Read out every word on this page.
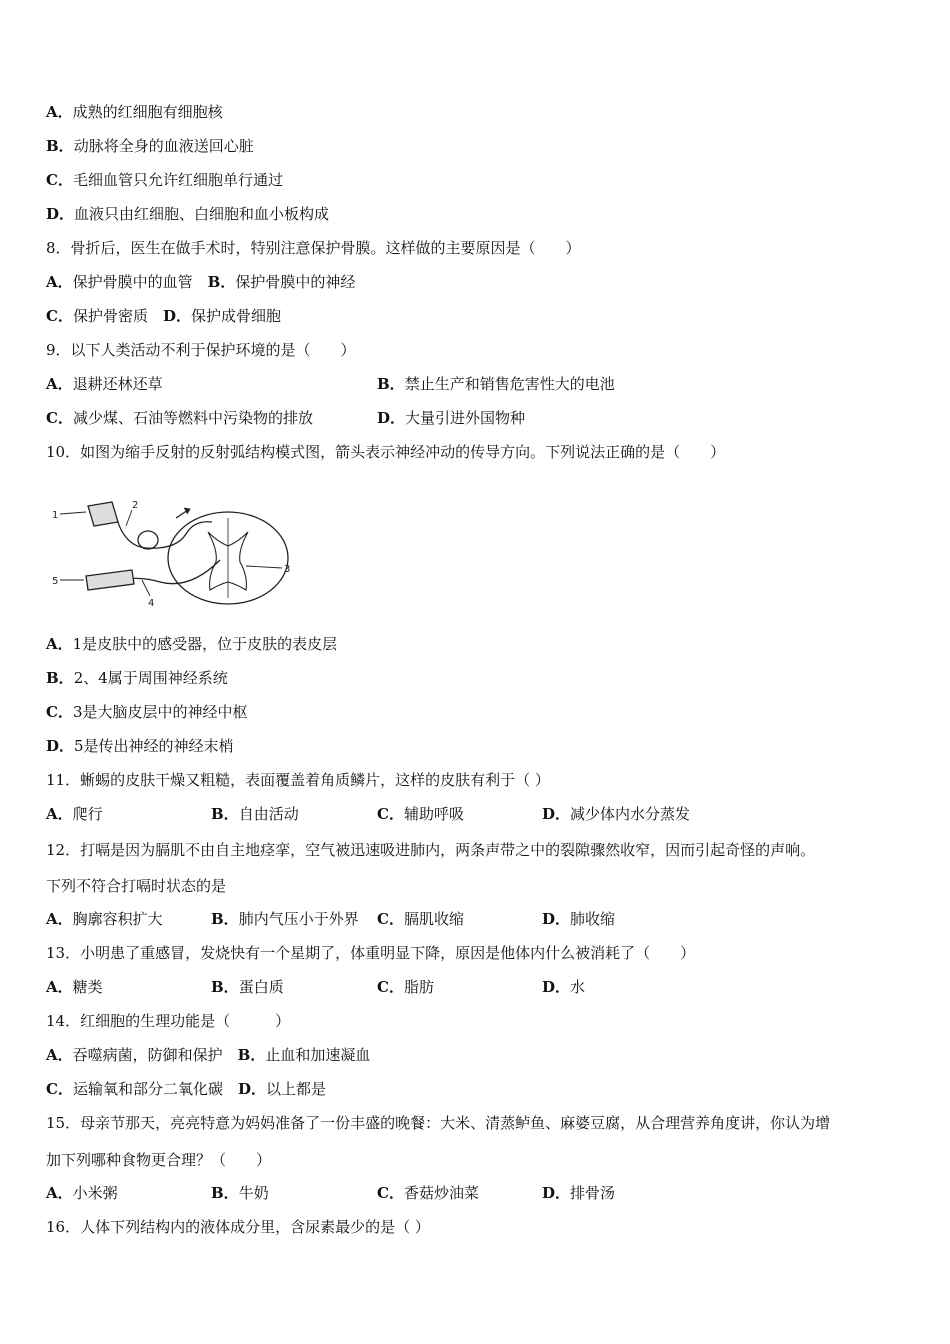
A．成熟的红细胞有细胞核
B．动脉将全身的血液送回心脏
C．毛细血管只允许红细胞单行通过
D．血液只由红细胞、白细胞和血小板构成
8．骨折后，医生在做手术时，特别注意保护骨膜。这样做的主要原因是（　　）
A．保护骨膜中的血管　 B．保护骨膜中的神经
C．保护骨密质　 D．保护成骨细胞
9．以下人类活动不利于保护环境的是（　　）
A．退耕还林还草	B．禁止生产和销售危害性大的电池
C．减少煤、石油等燃料中污染物的排放	D．大量引进外国物种
10．如图为缩手反射的反射弧结构模式图，箭头表示神经冲动的传导方向。下列说法正确的是（　　）
1
2
3
4
5
A．1是皮肤中的感受器，位于皮肤的表皮层
B．2、4属于周围神经系统
C．3是大脑皮层中的神经中枢
D．5是传出神经的神经末梢
11．蜥蜴的皮肤干燥又粗糙，表面覆盖着角质鳞片，这样的皮肤有利于（ ）
A．爬行	B．自由活动	C．辅助呼吸	D．减少体内水分蒸发
12．打嗝是因为膈肌不由自主地痉挛，空气被迅速吸进肺内，两条声带之中的裂隙骤然收窄，因而引起奇怪的声响。
下列不符合打嗝时状态的是
A．胸廓容积扩大	B．肺内气压小于外界 C．膈肌收缩	D．肺收缩
13．小明患了重感冒，发烧快有一个星期了，体重明显下降，原因是他体内什么被消耗了（　　）
A．糖类	B．蛋白质	C．脂肪	D．水
14．红细胞的生理功能是（　　　）
A．吞噬病菌，防御和保护　 B．止血和加速凝血
C．运输氧和部分二氧化碳　 D．以上都是
15．母亲节那天，亮亮特意为妈妈准备了一份丰盛的晚餐：大米、清蒸鲈鱼、麻婆豆腐，从合理营养角度讲，你认为增
加下列哪种食物更合理？（　　）
A．小米粥	B．牛奶	C．香菇炒油菜	D．排骨汤
16．人体下列结构内的液体成分里，含尿素最少的是（ ）
